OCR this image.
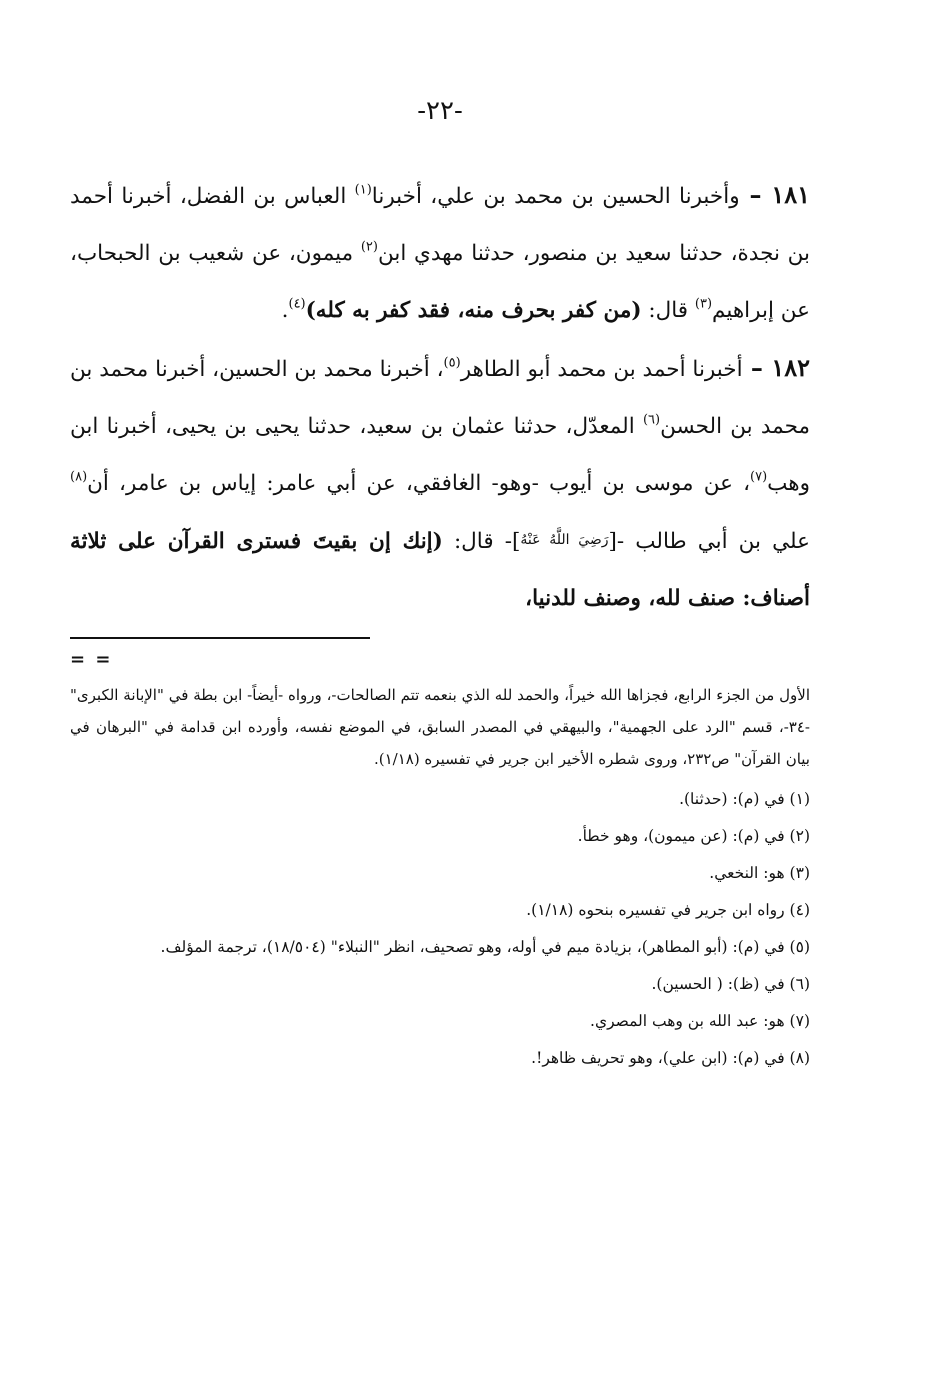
-٢٢-

١٨١ – وأخبرنا الحسين بن محمد بن علي، أخبرنا$^{(١)}$ العباس بن الفضل، أخبرنا أحمد بن نجدة، حدثنا سعيد بن منصور، حدثنا مهدي ابن$^{(٢)}$ ميمون، عن شعيب بن الحبحاب، عن إبراهيم$^{(٣)}$ قال: (من كفر بحرف منه، فقد كفر به كله)$^{(٤)}$.

١٨٢ – أخبرنا أحمد بن محمد أبو الطاهر$^{(٥)}$، أخبرنا محمد بن الحسين، أخبرنا محمد بن محمد بن الحسن$^{(٦)}$ المعدّل، حدثنا عثمان بن سعيد، حدثنا يحيى بن يحيى، أخبرنا ابن وهب$^{(٧)}$، عن موسى بن أيوب -وهو- الغافقي، عن أبي عامر: إياس بن عامر، أن$^{(٨)}$ علي بن أبي طالب -[رَضِيَ اللَّهُ عَنْهُ]- قال: (إنك إن بقيتَ فسترى القرآن على ثلاثة أصناف: صنف لله، وصنف للدنيا،

= =

الأول من الجزء الرابع، فجزاها الله خيراً، والحمد لله الذي بنعمه تتم الصالحات-، ورواه -أيضاً- ابن بطة في "الإبانة الكبرى" -٣٤-، قسم "الرد على الجهمية"، والبيهقي في المصدر السابق، في الموضع نفسه، وأورده ابن قدامة في "البرهان في بيان القرآن" ص٢٣٢، وروى شطره الأخير ابن جرير في تفسيره (١/١٨).

(١) في (م): (حدثنا).

(٢) في (م): (عن ميمون)، وهو خطأ.

(٣) هو: النخعي.

(٤) رواه ابن جرير في تفسيره بنحوه (١/١٨).

(٥) في (م): (أبو المطاهر)، بزيادة ميم في أوله، وهو تصحيف، انظر "النبلاء" (١٨/٥٠٤)، ترجمة المؤلف.

(٦) في (ظ): ( الحسين).

(٧) هو: عبد الله بن وهب المصري.

(٨) في (م): (ابن علي)، وهو تحريف ظاهر!.
